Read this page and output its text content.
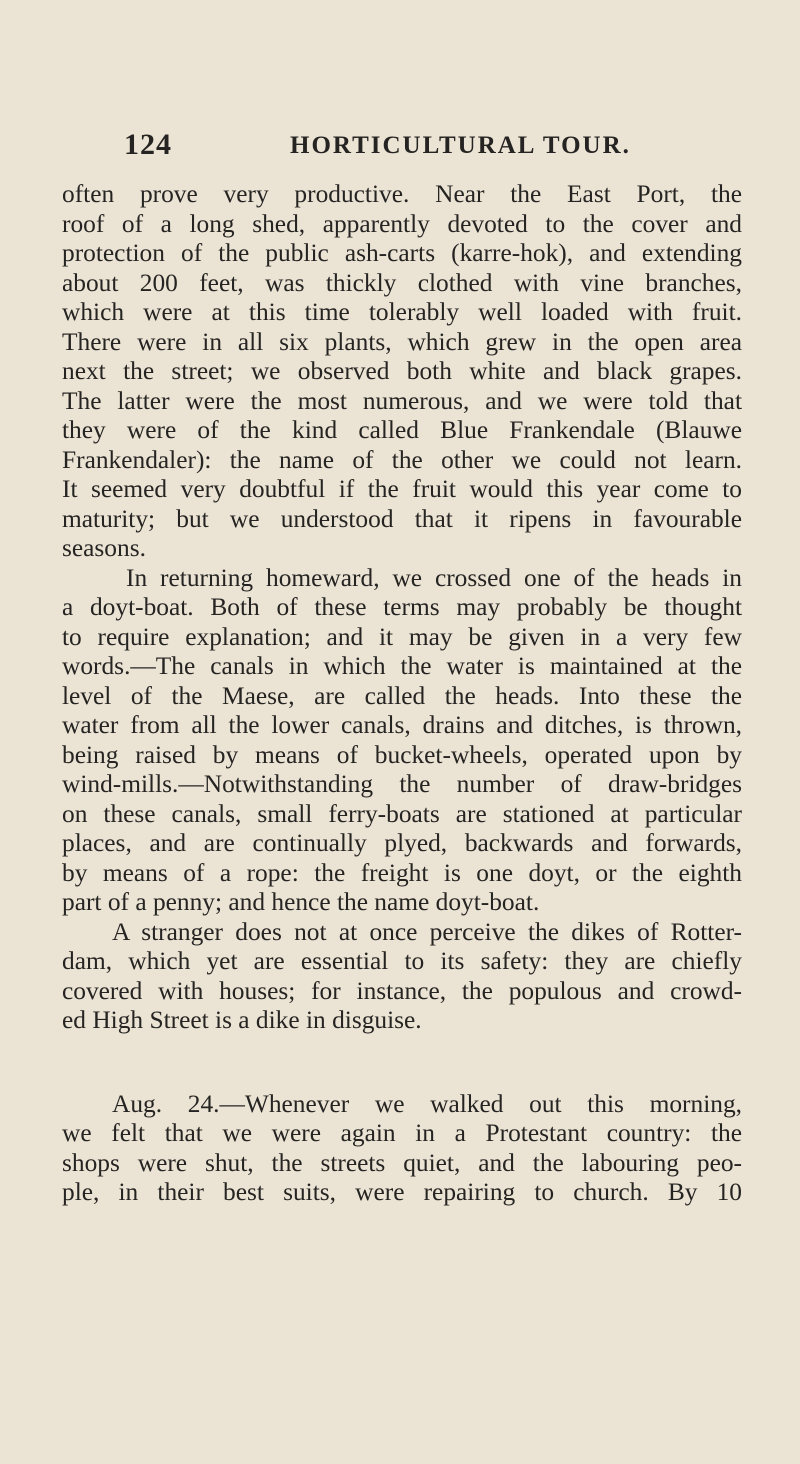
124	HORTICULTURAL TOUR.
often prove very productive. Near the East Port, the
roof of a long shed, apparently devoted to the cover and
protection of the public ash-carts (karre-hok), and extending
about 200 feet, was thickly clothed with vine branches,
which were at this time tolerably well loaded with fruit.
There were in all six plants, which grew in the open area
next the street; we observed both white and black grapes.
The latter were the most numerous, and we were told that
they were of the kind called Blue Frankendale (Blauwe
Frankendaler): the name of the other we could not learn.
It seemed very doubtful if the fruit would this year come to
maturity; but we understood that it ripens in favourable
seasons.
In returning homeward, we crossed one of the heads in
a doyt-boat. Both of these terms may probably be thought
to require explanation; and it may be given in a very few
words.—The canals in which the water is maintained at the
level of the Maese, are called the heads. Into these the
water from all the lower canals, drains and ditches, is thrown,
being raised by means of bucket-wheels, operated upon by
wind-mills.—Notwithstanding the number of draw-bridges
on these canals, small ferry-boats are stationed at particular
places, and are continually plyed, backwards and forwards,
by means of a rope: the freight is one doyt, or the eighth
part of a penny; and hence the name doyt-boat.
A stranger does not at once perceive the dikes of Rotter-
dam, which yet are essential to its safety: they are chiefly
covered with houses; for instance, the populous and crowd-
ed High Street is a dike in disguise.
Aug. 24.—Whenever we walked out this morning,
we felt that we were again in a Protestant country: the
shops were shut, the streets quiet, and the labouring peo-
ple, in their best suits, were repairing to church. By 10
